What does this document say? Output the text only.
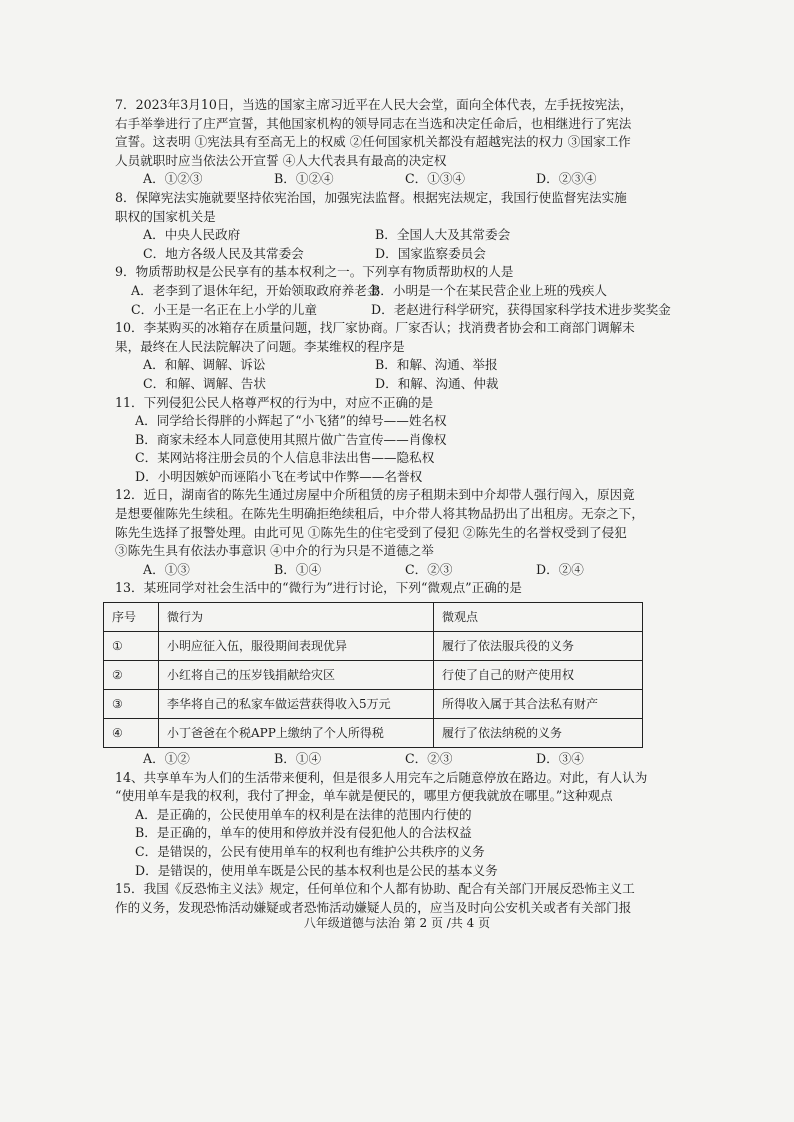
7．2023年3月10日，当选的国家主席习近平在人民大会堂，面向全体代表，左手抚按宪法，

右手举拳进行了庄严宣誓，其他国家机构的领导同志在当选和决定任命后，也相继进行了宪法

宣誓。这表明 ①宪法具有至高无上的权威 ②任何国家机关都没有超越宪法的权力 ③国家工作

人员就职时应当依法公开宣誓 ④人大代表具有最高的决定权

A．①②③	B．①②④	C．①③④	D．②③④

8．保障宪法实施就要坚持依宪治国，加强宪法监督。根据宪法规定，我国行使监督宪法实施

职权的国家机关是

A．中央人民政府	B．全国人大及其常委会
C．地方各级人民及其常委会	D．国家监察委员会

9．物质帮助权是公民享有的基本权利之一。下列享有物质帮助权的人是

A．老李到了退休年纪，开始领取政府养老金
B．小明是一个在某民营企业上班的残疾人
C．小王是一名正在上小学的儿童	D．老赵进行科学研究，获得国家科学技术进步奖奖金

10．李某购买的冰箱存在质量问题，找厂家协商。厂家否认；找消费者协会和工商部门调解未

果，最终在人民法院解决了问题。李某维权的程序是

A．和解、调解、诉讼	B．和解、沟通、举报
C．和解、调解、告状	D．和解、沟通、仲裁

11．下列侵犯公民人格尊严权的行为中，对应不正确的是

A．同学给长得胖的小辉起了“小飞猪”的绰号——姓名权

B．商家未经本人同意使用其照片做广告宣传——肖像权

C．某网站将注册会员的个人信息非法出售——隐私权

D．小明因嫉妒而诬陷小飞在考试中作弊——名誉权

12．近日，湖南省的陈先生通过房屋中介所租赁的房子租期未到中介却带人强行闯入，原因竟

是想要催陈先生续租。在陈先生明确拒绝续租后，中介带人将其物品扔出了出租房。无奈之下，

陈先生选择了报警处理。由此可见 ①陈先生的住宅受到了侵犯 ②陈先生的名誉权受到了侵犯

③陈先生具有依法办事意识 ④中介的行为只是不道德之举

A．①③	B．①④	C．②③	D．②④

13．某班同学对社会生活中的“微行为”进行讨论，下列“微观点”正确的是

序号	微行为	微观点
①	小明应征入伍，服役期间表现优异	履行了依法服兵役的义务
②	小红将自己的压岁钱捐献给灾区	行使了自己的财产使用权
③	李华将自己的私家车做运营获得收入5万元	所得收入属于其合法私有财产
④	小丁爸爸在个税APP上缴纳了个人所得税	履行了依法纳税的义务
A．①②	B．①④	C．②③	D．③④

14、共享单车为人们的生活带来便利，但是很多人用完车之后随意停放在路边。对此，有人认为

“使用单车是我的权利，我付了押金，单车就是便民的，哪里方便我就放在哪里。”这种观点

A．是正确的，公民使用单车的权利是在法律的范围内行使的

B．是正确的，单车的使用和停放并没有侵犯他人的合法权益

C．是错误的，公民有使用单车的权利也有维护公共秩序的义务

D．是错误的，使用单车既是公民的基本权利也是公民的基本义务

15．我国《反恐怖主义法》规定，任何单位和个人都有协助、配合有关部门开展反恐怖主义工

作的义务，发现恐怖活动嫌疑或者恐怖活动嫌疑人员的，应当及时向公安机关或者有关部门报

八年级道德与法治 第 2 页 /共 4 页
